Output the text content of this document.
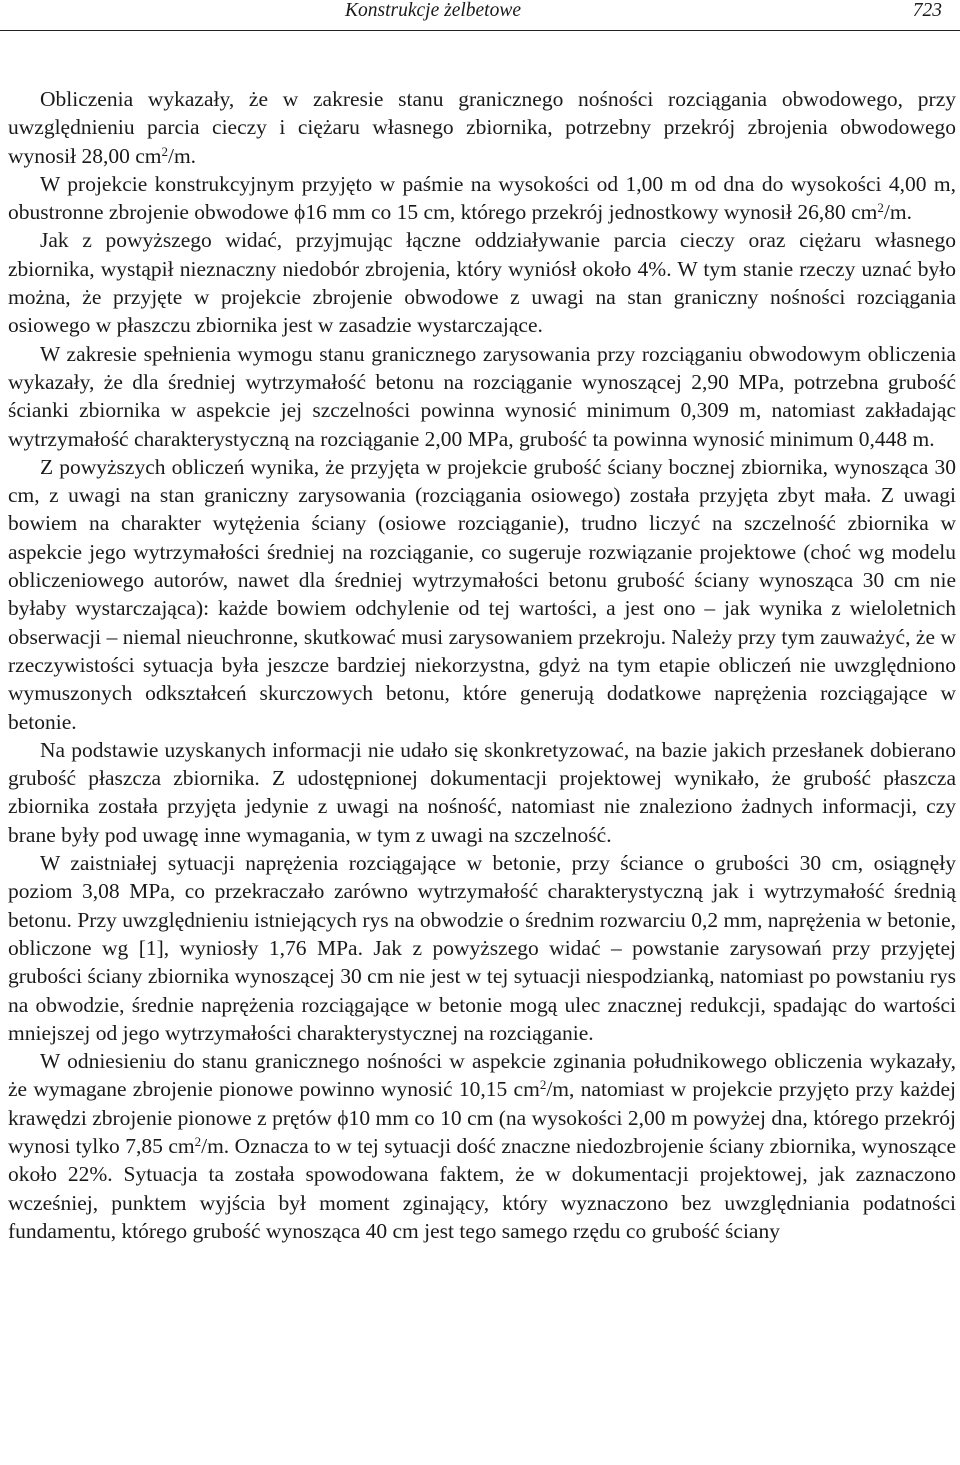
Konstrukcje żelbetowe	723

Obliczenia wykazały, że w zakresie stanu granicznego nośności rozciągania obwodowego, przy uwzględnieniu parcia cieczy i ciężaru własnego zbiornika, potrzebny przekrój zbrojenia obwodowego wynosił 28,00 $cm^2/m$.

W projekcie konstrukcyjnym przyjęto w paśmie na wysokości od 1,00 m od dna do wysokości 4,00 m, obustronne zbrojenie obwodowe ϕ16 mm co 15 cm, którego przekrój jednostkowy wynosił 26,80 $cm^2/m$.

Jak z powyższego widać, przyjmując łączne oddziaływanie parcia cieczy oraz ciężaru własnego zbiornika, wystąpił nieznaczny niedobór zbrojenia, który wyniósł około 4%. W tym stanie rzeczy uznać było można, że przyjęte w projekcie zbrojenie obwodowe z uwagi na stan graniczny nośności rozciągania osiowego w płaszczu zbiornika jest w zasadzie wystarczające.

W zakresie spełnienia wymogu stanu granicznego zarysowania przy rozciąganiu obwodowym obliczenia wykazały, że dla średniej wytrzymałość betonu na rozciąganie wynoszącej 2,90 MPa, potrzebna grubość ścianki zbiornika w aspekcie jej szczelności powinna wynosić minimum 0,309 m, natomiast zakładając wytrzymałość charakterystyczną na rozciąganie 2,00 MPa, grubość ta powinna wynosić minimum 0,448 m.

Z powyższych obliczeń wynika, że przyjęta w projekcie grubość ściany bocznej zbiornika, wynosząca 30 cm, z uwagi na stan graniczny zarysowania (rozciągania osiowego) została przyjęta zbyt mała. Z uwagi bowiem na charakter wytężenia ściany (osiowe rozciąganie), trudno liczyć na szczelność zbiornika w aspekcie jego wytrzymałości średniej na rozciąganie, co sugeruje rozwiązanie projektowe (choć wg modelu obliczeniowego autorów, nawet dla średniej wytrzymałości betonu grubość ściany wynosząca 30 cm nie byłaby wystarczająca): każde bowiem odchylenie od tej wartości, a jest ono – jak wynika z wieloletnich obserwacji – niemal nieuchronne, skutkować musi zarysowaniem przekroju. Należy przy tym zauważyć, że w rzeczywistości sytuacja była jeszcze bardziej niekorzystna, gdyż na tym etapie obliczeń nie uwzględniono wymuszonych odkształceń skurczowych betonu, które generują dodatkowe naprężenia rozciągające w betonie.

Na podstawie uzyskanych informacji nie udało się skonkretyzować, na bazie jakich przesłanek dobierano grubość płaszcza zbiornika. Z udostępnionej dokumentacji projektowej wynikało, że grubość płaszcza zbiornika została przyjęta jedynie z uwagi na nośność, natomiast nie znaleziono żadnych informacji, czy brane były pod uwagę inne wymagania, w tym z uwagi na szczelność.

W zaistniałej sytuacji naprężenia rozciągające w betonie, przy ściance o grubości 30 cm, osiągnęły poziom 3,08 MPa, co przekraczało zarówno wytrzymałość charakterystyczną jak i wytrzymałość średnią betonu. Przy uwzględnieniu istniejących rys na obwodzie o średnim rozwarciu 0,2 mm, naprężenia w betonie, obliczone wg [1], wyniosły 1,76 MPa. Jak z powyższego widać – powstanie zarysowań przy przyjętej grubości ściany zbiornika wynoszącej 30 cm nie jest w tej sytuacji niespodzianką, natomiast po powstaniu rys na obwodzie, średnie naprężenia rozciągające w betonie mogą ulec znacznej redukcji, spadając do wartości mniejszej od jego wytrzymałości charakterystycznej na rozciąganie.

W odniesieniu do stanu granicznego nośności w aspekcie zginania południkowego obliczenia wykazały, że wymagane zbrojenie pionowe powinno wynosić 10,15 $cm^2/m$, natomiast w projekcie przyjęto przy każdej krawędzi zbrojenie pionowe z prętów ϕ10 mm co 10 cm (na wysokości 2,00 m powyżej dna, którego przekrój wynosi tylko 7,85 $cm^2/m$. Oznacza to w tej sytuacji dość znaczne niedozbrojenie ściany zbiornika, wynoszące około 22%. Sytuacja ta została spowodowana faktem, że w dokumentacji projektowej, jak zaznaczono wcześniej, punktem wyjścia był moment zginający, który wyznaczono bez uwzględniania podatności fundamentu, którego grubość wynosząca 40 cm jest tego samego rzędu co grubość ściany
